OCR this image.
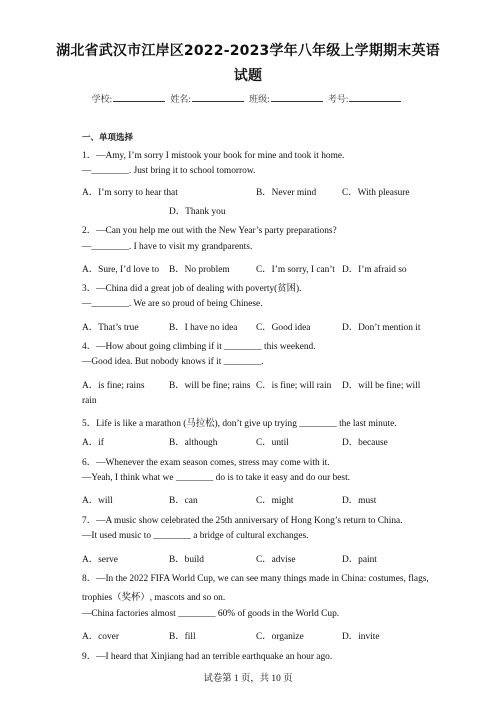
湖北省武汉市江岸区2022-2023学年八年级上学期期末英语
试题
学校:	姓名:	班级:	考号:
一、单项选择
1．—Amy, I’m sorry I mistook your book for mine and took it home.
—________. Just bring it to school tomorrow.
A．I’m sorry to hear that	B．Never mind	C．With pleasure
D．Thank you
2．—Can you help me out with the New Year’s party preparations?
—________. I have to visit my grandparents.
A．Sure, I’d love to B．No problem	C．I’m sorry, I can’t D．I’m afraid so
3．—China did a great job of dealing with poverty(贫困).
—________. We are so proud of being Chinese.
A．That’s true	B．I have no idea C．Good idea	D．Don’t mention it
4．—How about going climbing if it ________ this weekend.
—Good idea. But nobody knows if it ________.
A．is fine; rains	B．will be fine; rains C．is fine; will rain D．will be fine; will
rain
5．Life is like a marathon (马拉松), don’t give up trying ________ the last minute.
A．if	B．although	C．until	D．because
6．—Whenever the exam season comes, stress may come with it.
—Yeah, I think what we ________ do is to take it easy and do our best.
A．will	B．can	C．might	D．must
7．—A music show celebrated the 25th anniversary of Hong Kong’s return to China.
—It used music to ________ a bridge of cultural exchanges.
A．serve	B．build	C．advise	D．paint
8．—In the 2022 FIFA World Cup, we can see many things made in China: costumes, flags,
trophies（奖杯）, mascots and so on.
—China factories almost ________ 60% of goods in the World Cup.
A．cover	B．fill	C．organize	D．invite
9．—I heard that Xinjiang had an terrible earthquake an hour ago.
试卷第 1 页，共 10 页
